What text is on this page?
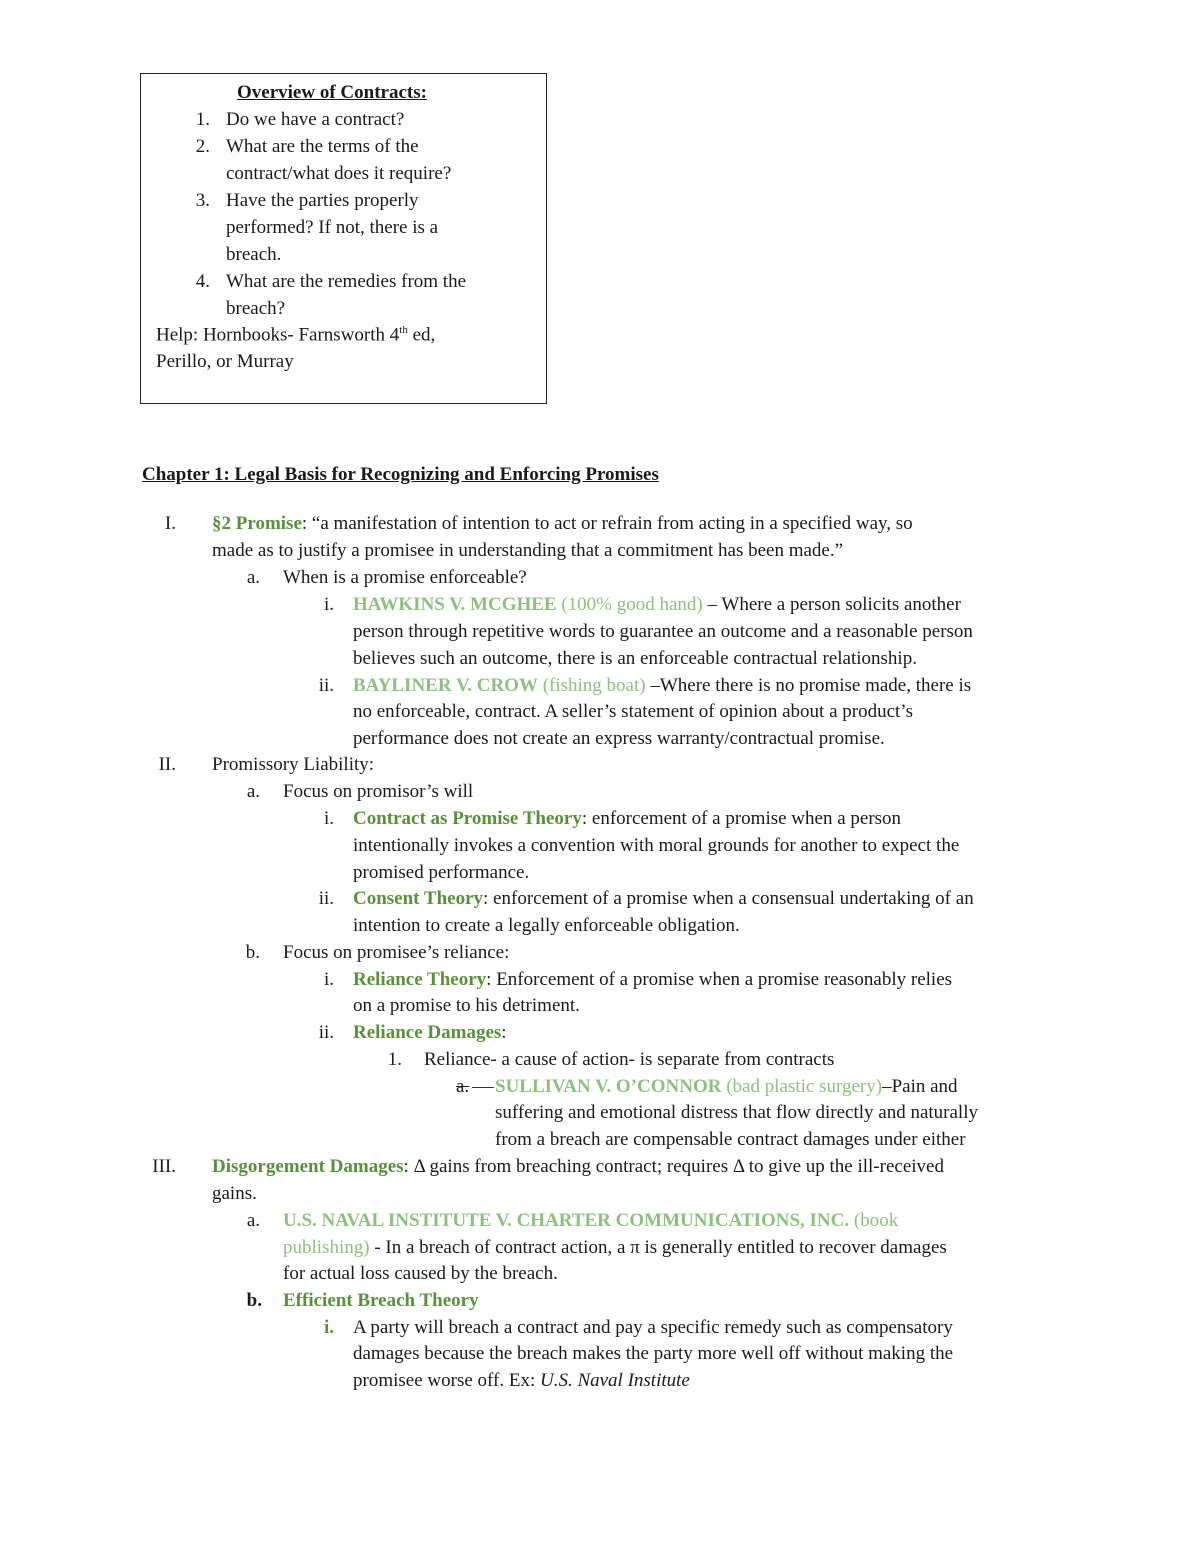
Overview of Contracts:
1. Do we have a contract?
2. What are the terms of the
contract/what does it require?
3. Have the parties properly
performed? If not, there is a
breach.
4. What are the remedies from the
breach?
Help: Hornbooks- Farnsworth 4th ed,
Perillo, or Murray
Chapter 1: Legal Basis for Recognizing and Enforcing Promises
I. §2 Promise: “a manifestation of intention to act or refrain from acting in a specified way, so
made as to justify a promisee in understanding that a commitment has been made.”
a. When is a promise enforceable?
i. HAWKINS V. MCGHEE (100% good hand) – Where a person solicits another
person through repetitive words to guarantee an outcome and a reasonable person
believes such an outcome, there is an enforceable contractual relationship.
ii. BAYLINER V. CROW (fishing boat) –Where there is no promise made, there is
no enforceable, contract. A seller’s statement of opinion about a product’s
performance does not create an express warranty/contractual promise.
II. Promissory Liability:
a. Focus on promisor’s will
i. Contract as Promise Theory: enforcement of a promise when a person
intentionally invokes a convention with moral grounds for another to expect the
promised performance.
ii. Consent Theory: enforcement of a promise when a consensual undertaking of an
intention to create a legally enforceable obligation.
b. Focus on promisee’s reliance:
i. Reliance Theory: Enforcement of a promise when a promise reasonably relies
on a promise to his detriment.
ii. Reliance Damages:
1. Reliance- a cause of action- is separate from contracts
a. SULLIVAN V. O’CONNOR (bad plastic surgery)–Pain and
suffering and emotional distress that flow directly and naturally
from a breach are compensable contract damages under either
III. Disgorgement Damages: Δ gains from breaching contract; requires Δ to give up the ill-received
gains.
a. U.S. NAVAL INSTITUTE V. CHARTER COMMUNICATIONS, INC. (book
publishing) - In a breach of contract action, a π is generally entitled to recover damages
for actual loss caused by the breach.
b. Efficient Breach Theory
i. A party will breach a contract and pay a specific remedy such as compensatory
damages because the breach makes the party more well off without making the
promisee worse off. Ex: U.S. Naval Institute
